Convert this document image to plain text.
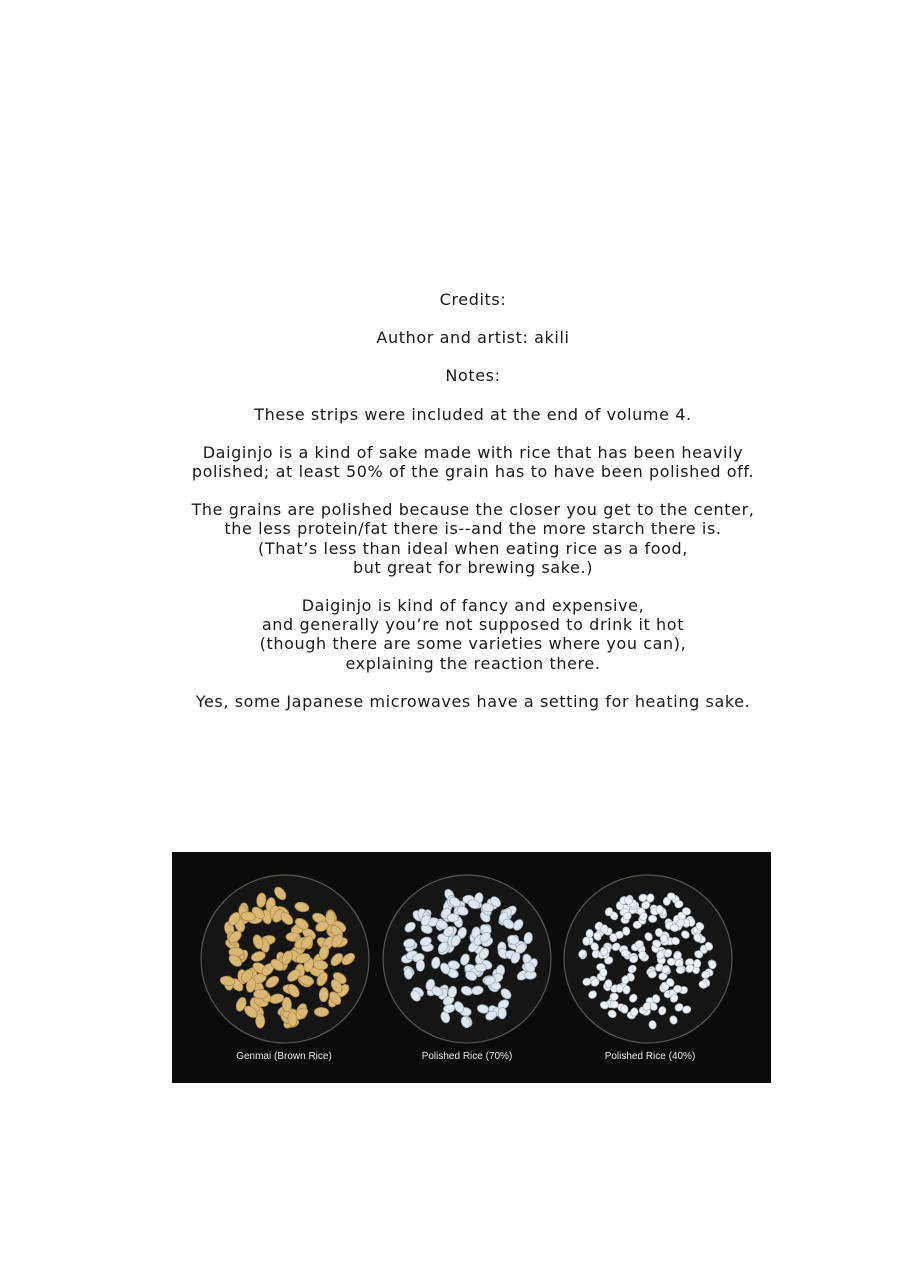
Credits:
Author and artist: akili
Notes:
These strips were included at the end of volume 4.
Daiginjo is a kind of sake made with rice that has been heavily
polished; at least 50% of the grain has to have been polished off.
The grains are polished because the closer you get to the center,
the less protein/fat there is--and the more starch there is.
(That’s less than ideal when eating rice as a food,
but great for brewing sake.)
Daiginjo is kind of fancy and expensive,
and generally you’re not supposed to drink it hot
(though there are some varieties where you can),
explaining the reaction there.
Yes, some Japanese microwaves have a setting for heating sake.
Genmai (Brown Rice)	Polished Rice (70%)	Polished Rice (40%)
